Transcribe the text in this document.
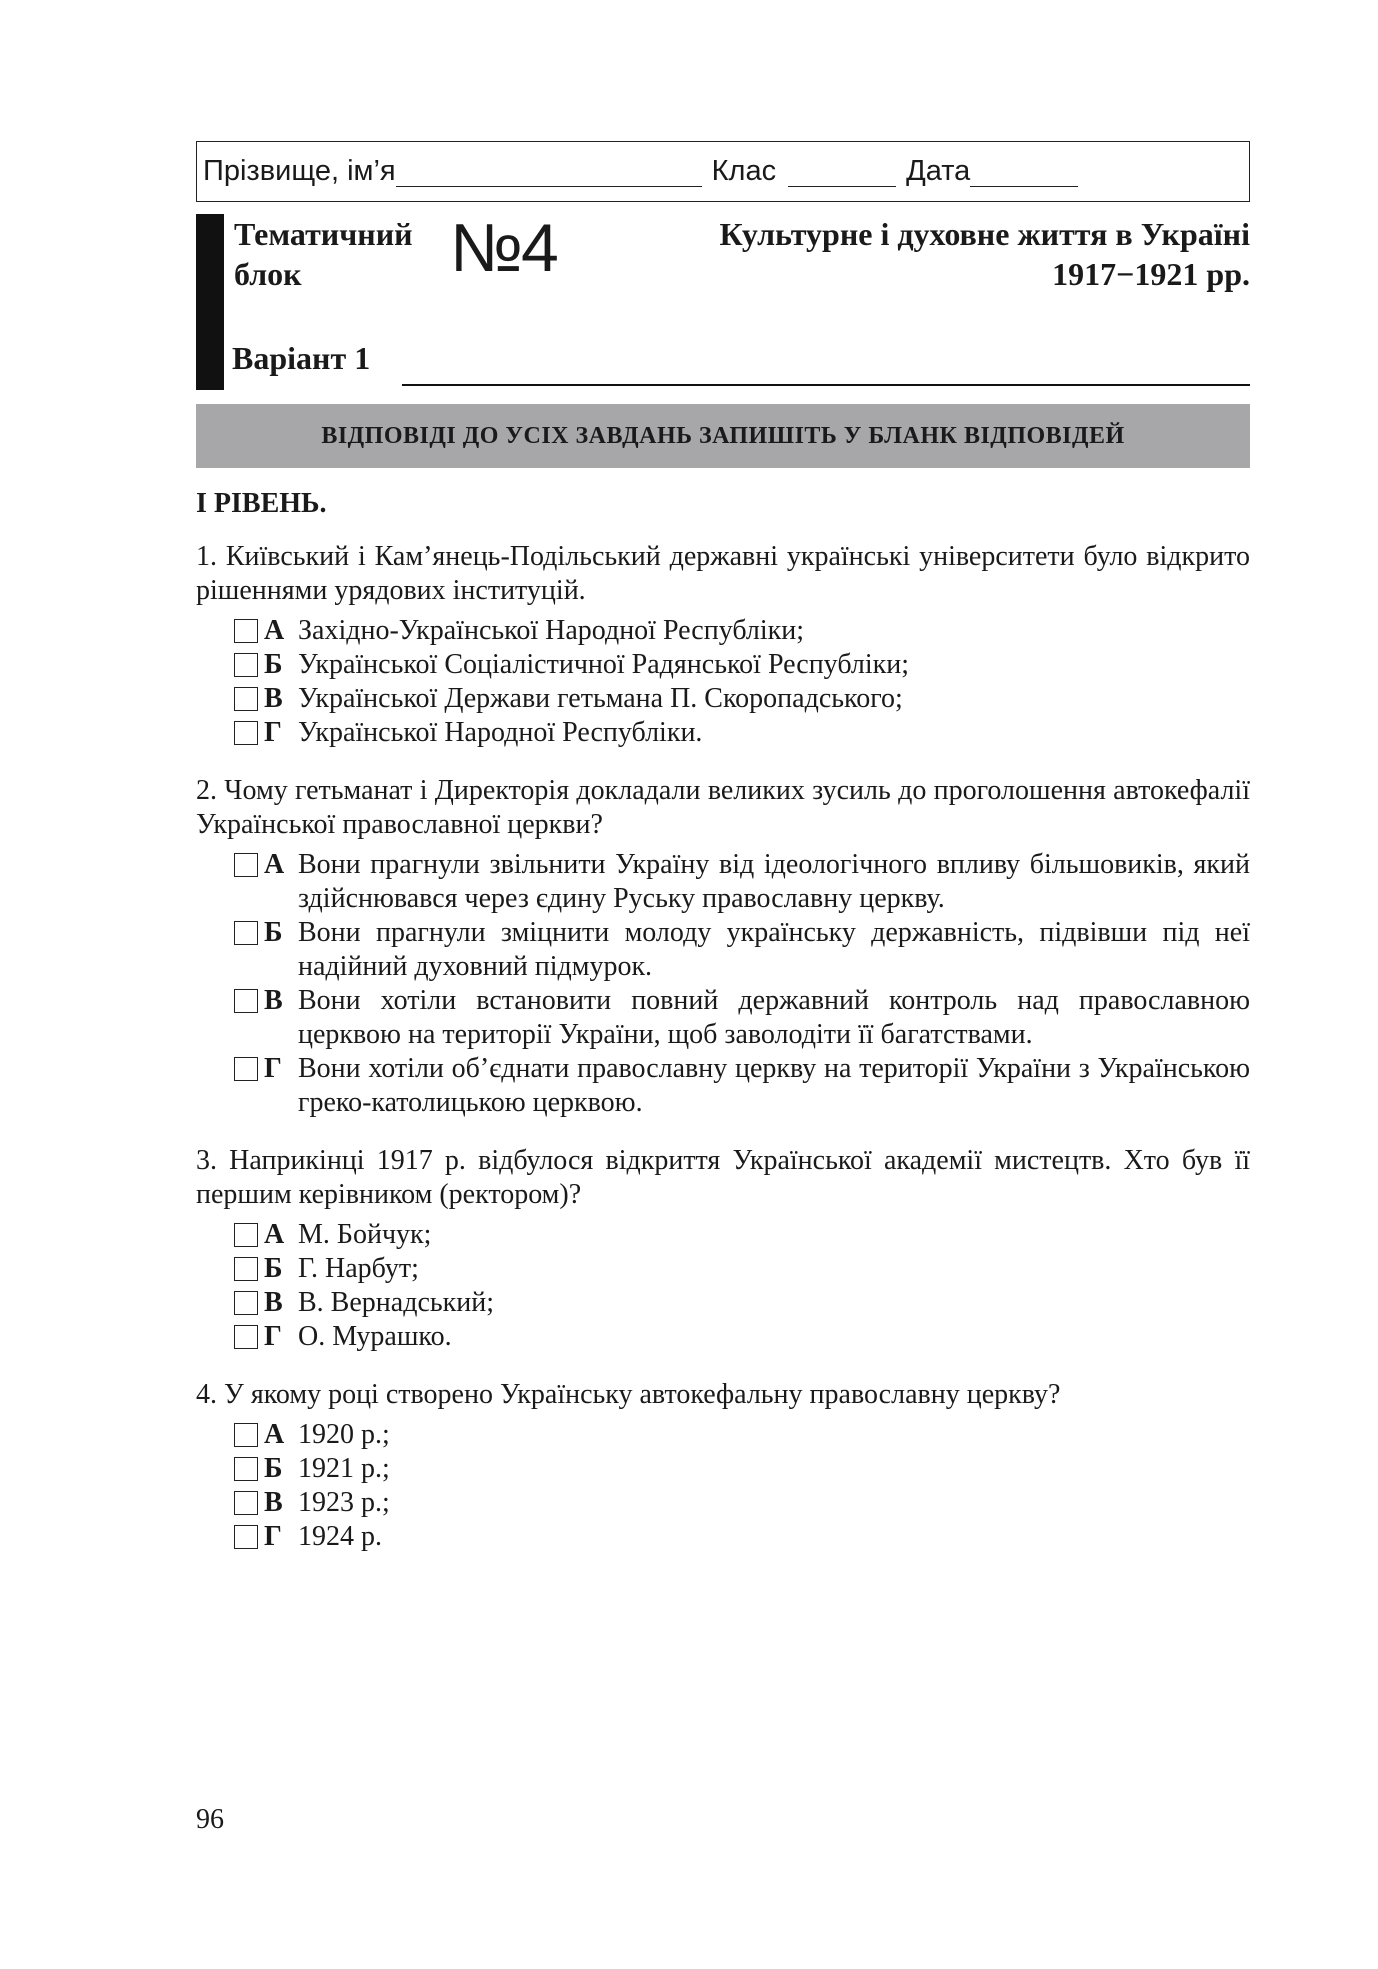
Прізвище, ім’я	Клас	Дата
Тематичний
блок	№4	Культурне і духовне життя в Україні
1917−1921 рр.
Варіант 1
ВІДПОВІДІ ДО УСІХ ЗАВДАНЬ ЗАПИШІТЬ У БЛАНК ВІДПОВІДЕЙ
І РІВЕНЬ.
1. Київський і Кам’янець-Подільський державні українські університети було відкрито рішеннями урядових інституцій.
А Західно-Української Народної Республіки;
Б Української Соціалістичної Радянської Республіки;
В Української Держави гетьмана П. Скоропадського;
Г Української Народної Республіки.
2. Чому гетьманат і Директорія докладали великих зусиль до проголошення автокефалії Української православної церкви?
А Вони прагнули звільнити Україну від ідеологічного впливу більшовиків, який здійснювався через єдину Руську православну церкву.
Б Вони прагнули зміцнити молоду українську державність, підвівши під неї надійний духовний підмурок.
В Вони хотіли встановити повний державний контроль над православною церквою на території України, щоб заволодіти її багатствами.
Г Вони хотіли об’єднати православну церкву на території України з Українською греко-католицькою церквою.
3. Наприкінці 1917 р. відбулося відкриття Української академії мистецтв. Хто був її першим керівником (ректором)?
А М. Бойчук;
Б Г. Нарбут;
В В. Вернадський;
Г О. Мурашко.
4. У якому році створено Українську автокефальну православну церкву?
А 1920 р.;
Б 1921 р.;
В 1923 р.;
Г 1924 р.
96
